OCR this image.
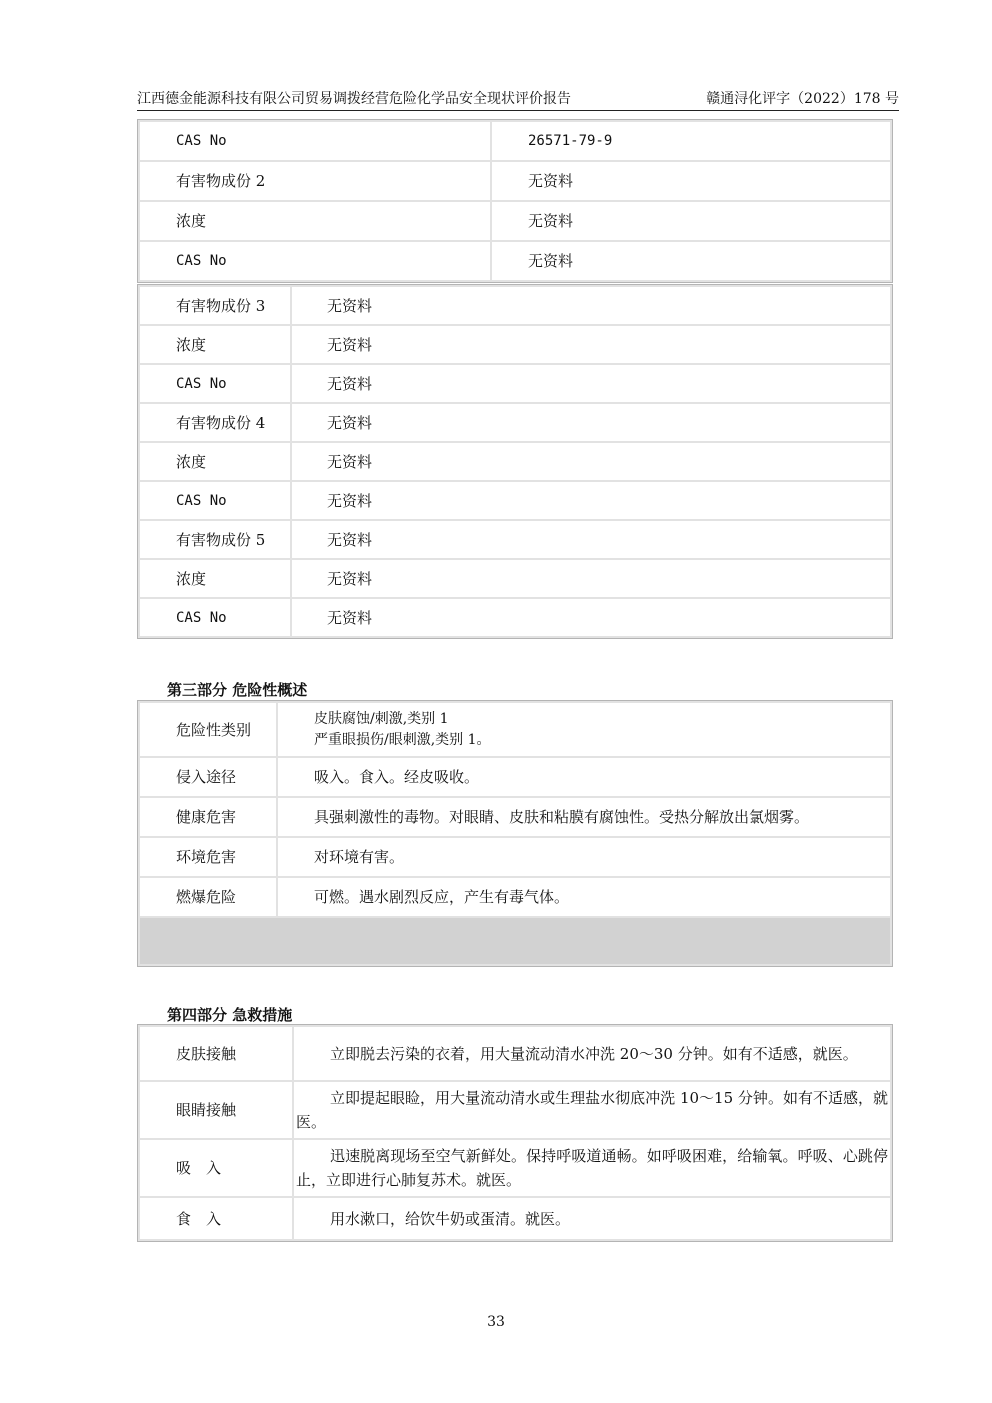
江西德金能源科技有限公司贸易调拨经营危险化学品安全现状评价报告	赣通浔化评字（2022）178 号
CAS No	26571-79-9
有害物成份 2	无资料
浓度	无资料
CAS No	无资料
有害物成份 3	无资料
浓度	无资料
CAS No	无资料
有害物成份 4	无资料
浓度	无资料
CAS No	无资料
有害物成份 5	无资料
浓度	无资料
CAS No	无资料
第三部分 危险性概述
危险性类别	皮肤腐蚀/刺激,类别 1
严重眼损伤/眼刺激,类别 1。

侵入途径	吸入。食入。经皮吸收。
健康危害	具强刺激性的毒物。对眼睛、皮肤和粘膜有腐蚀性。受热分解放出氯烟雾。
环境危害	对环境有害。
燃爆危险	可燃。遇水剧烈反应，产生有毒气体。

第四部分 急救措施
皮肤接触	立即脱去污染的衣着，用大量流动清水冲洗 20～30 分钟。如有不适感，就医。
眼睛接触	立即提起眼睑，用大量流动清水或生理盐水彻底冲洗 10～15 分钟。如有不适感，就医。
吸　入	迅速脱离现场至空气新鲜处。保持呼吸道通畅。如呼吸困难，给输氧。呼吸、心跳停止，立即进行心肺复苏术。就医。
食　入	用水漱口，给饮牛奶或蛋清。就医。
33
